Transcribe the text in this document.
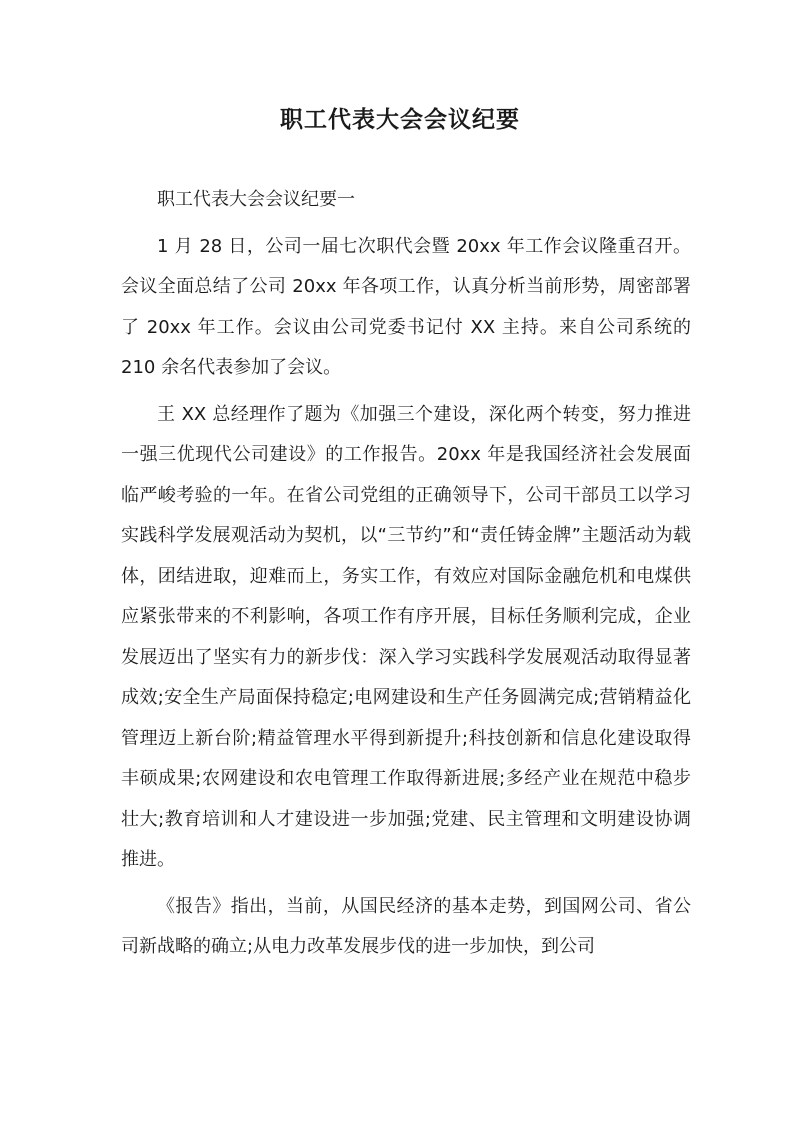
职工代表大会会议纪要

职工代表大会会议纪要一

1 月 28 日，公司一届七次职代会暨 20xx 年工作会议隆重召开。会议全面总结了公司 20xx 年各项工作，认真分析当前形势，周密部署了 20xx 年工作。会议由公司党委书记付 XX 主持。来自公司系统的 210 余名代表参加了会议。

王 XX 总经理作了题为《加强三个建设，深化两个转变，努力推进一强三优现代公司建设》的工作报告。20xx 年是我国经济社会发展面临严峻考验的一年。在省公司党组的正确领导下，公司干部员工以学习实践科学发展观活动为契机，以“三节约”和“责任铸金牌”主题活动为载体，团结进取，迎难而上，务实工作，有效应对国际金融危机和电煤供应紧张带来的不利影响，各项工作有序开展，目标任务顺利完成，企业发展迈出了坚实有力的新步伐：深入学习实践科学发展观活动取得显著成效;安全生产局面保持稳定;电网建设和生产任务圆满完成;营销精益化管理迈上新台阶;精益管理水平得到新提升;科技创新和信息化建设取得丰硕成果;农网建设和农电管理工作取得新进展;多经产业在规范中稳步壮大;教育培训和人才建设进一步加强;党建、民主管理和文明建设协调推进。

《报告》指出，当前，从国民经济的基本走势，到国网公司、省公司新战略的确立;从电力改革发展步伐的进一步加快，到公司
